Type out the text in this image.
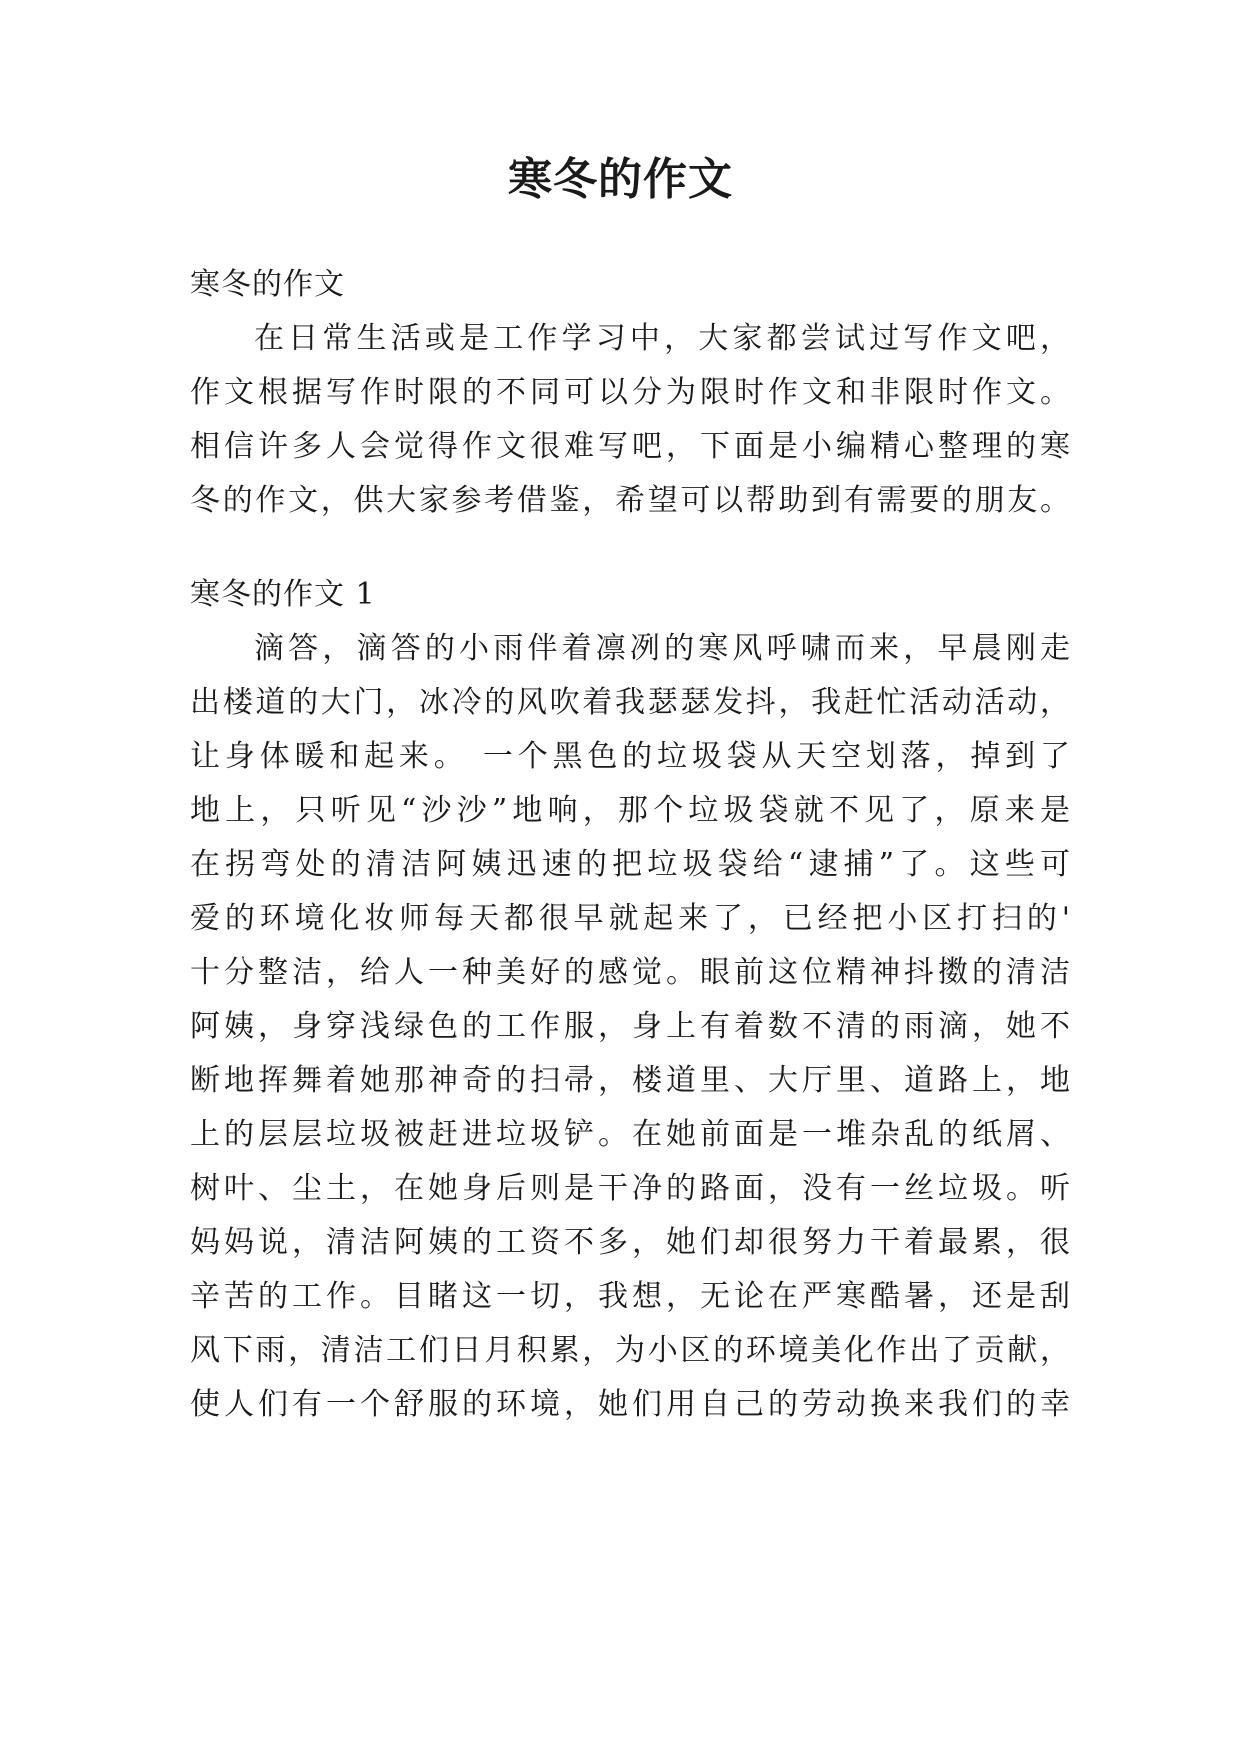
寒冬的作文
寒冬的作文
在日常生活或是工作学习中，大家都尝试过写作文吧，
作文根据写作时限的不同可以分为限时作文和非限时作文。
相信许多人会觉得作文很难写吧，下面是小编精心整理的寒
冬的作文，供大家参考借鉴，希望可以帮助到有需要的朋友。
寒冬的作文 1
滴答，滴答的小雨伴着凛冽的寒风呼啸而来，早晨刚走
出楼道的大门，冰冷的风吹着我瑟瑟发抖，我赶忙活动活动，
让身体暖和起来。 一个黑色的垃圾袋从天空划落，掉到了
地上，只听见“沙沙”地响，那个垃圾袋就不见了，原来是
在拐弯处的清洁阿姨迅速的把垃圾袋给“逮捕”了。这些可
爱的环境化妆师每天都很早就起来了，已经把小区打扫的'
十分整洁，给人一种美好的感觉。眼前这位精神抖擞的清洁
阿姨，身穿浅绿色的工作服，身上有着数不清的雨滴，她不
断地挥舞着她那神奇的扫帚，楼道里、大厅里、道路上，地
上的层层垃圾被赶进垃圾铲。在她前面是一堆杂乱的纸屑、
树叶、尘土，在她身后则是干净的路面，没有一丝垃圾。听
妈妈说，清洁阿姨的工资不多，她们却很努力干着最累，很
辛苦的工作。目睹这一切，我想，无论在严寒酷暑，还是刮
风下雨，清洁工们日月积累，为小区的环境美化作出了贡献，
使人们有一个舒服的环境，她们用自己的劳动换来我们的幸
